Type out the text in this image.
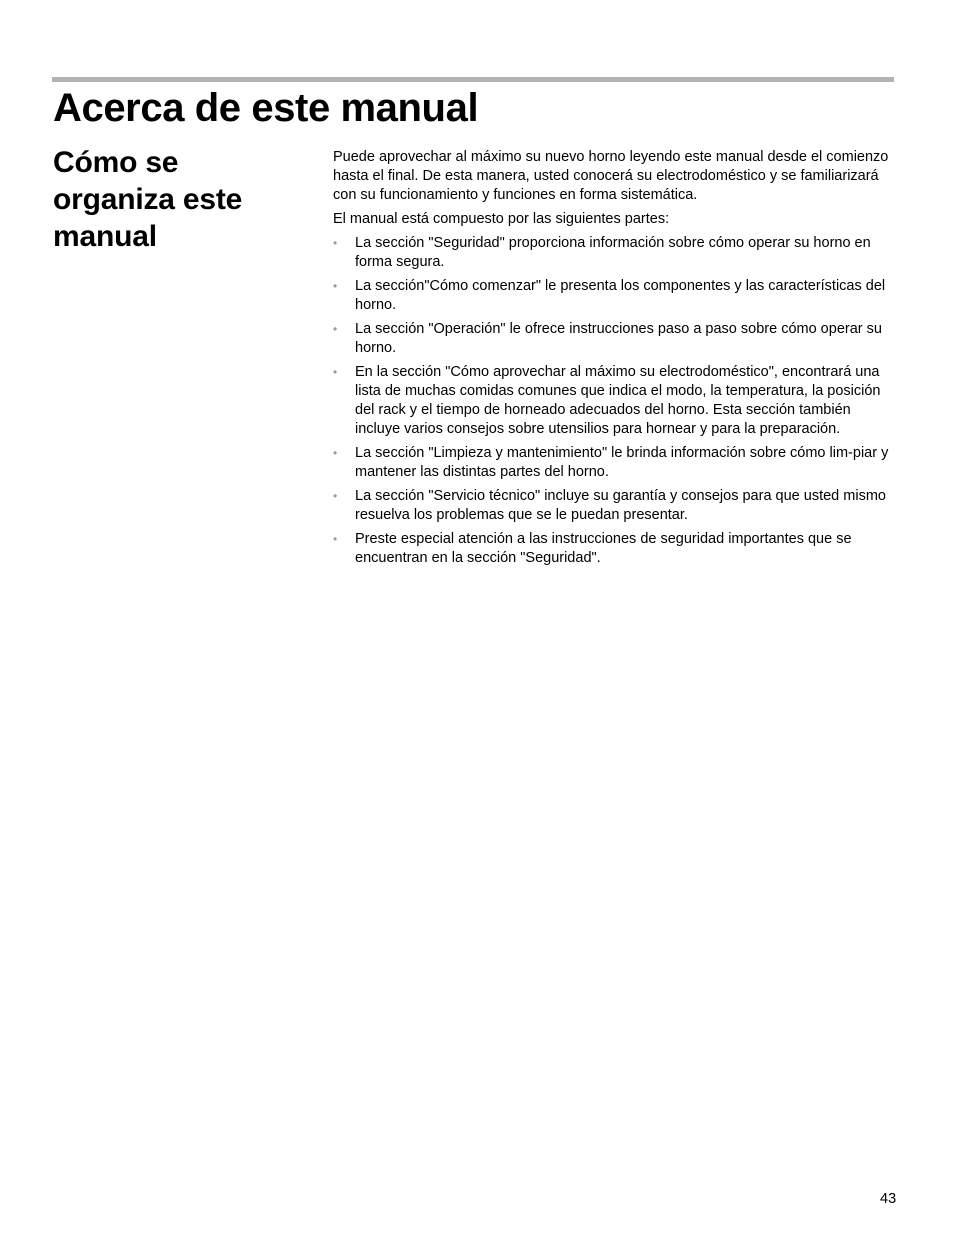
Acerca de este manual
Cómo se organiza este manual

Puede aprovechar al máximo su nuevo horno leyendo este manual desde el comienzo hasta el final. De esta manera, usted conocerá su electrodoméstico y se familiarizará con su funcionamiento y funciones en forma sistemática.

El manual está compuesto por las siguientes partes:

• La sección "Seguridad" proporciona información sobre cómo operar su horno en forma segura.
• La sección"Cómo comenzar" le presenta los componentes y las características del horno.
• La sección "Operación" le ofrece instrucciones paso a paso sobre cómo operar su horno.
• En la sección "Cómo aprovechar al máximo su electrodoméstico", encontrará una lista de muchas comidas comunes que indica el modo, la temperatura, la posición del rack y el tiempo de horneado adecuados del horno. Esta sección también incluye varios consejos sobre utensilios para hornear y para la preparación.
• La sección "Limpieza y mantenimiento" le brinda información sobre cómo lim-piar y mantener las distintas partes del horno.
• La sección "Servicio técnico" incluye su garantía y consejos para que usted mismo resuelva los problemas que se le puedan presentar.
• Preste especial atención a las instrucciones de seguridad importantes que se encuentran en la sección "Seguridad".
43
